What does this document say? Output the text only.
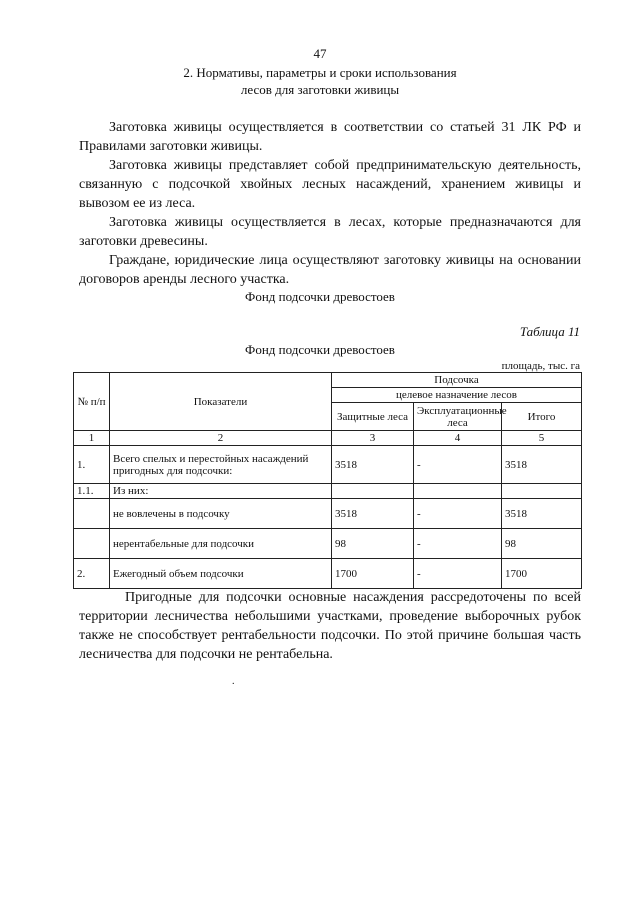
47
2. Нормативы, параметры и сроки использования
лесов для заготовки живицы

Заготовка живицы осуществляется в соответствии со статьей 31 ЛК РФ и Правилами заготовки живицы.

Заготовка живицы представляет собой предпринимательскую деятельность, связанную с подсочкой хвойных лесных насаждений, хранением живицы и вывозом ее из леса.

Заготовка живицы осуществляется в лесах, которые предназначаются для заготовки древесины.

Граждане, юридические лица осуществляют заготовку живицы на основании договоров аренды лесного участка.

Фонд подсочки древостоев
Таблица 11
Фонд подсочки древостоев
площадь, тыс. га
№ п/п	Показатели	Подсочка		
		целевое назначение лесов		
		Защитные леса	Эксплуатационные леса	Итого
1	2	3	4	5
1.	Всего спелых и перестойных насаждений пригодных для подсочки:	3518	-	3518
1.1.	Из них:			
	не вовлечены в подсочку	3518	-	3518
	нерентабельные для подсочки	98	-	98
2.	Ежегодный объем подсочки	1700	-	1700

Пригодные для подсочки основные насаждения рассредоточены по всей территории лесничества небольшими участками, проведение выборочных рубок также не способствует рентабельности подсочки. По этой причине большая часть лесничества для подсочки не рентабельна.

.
